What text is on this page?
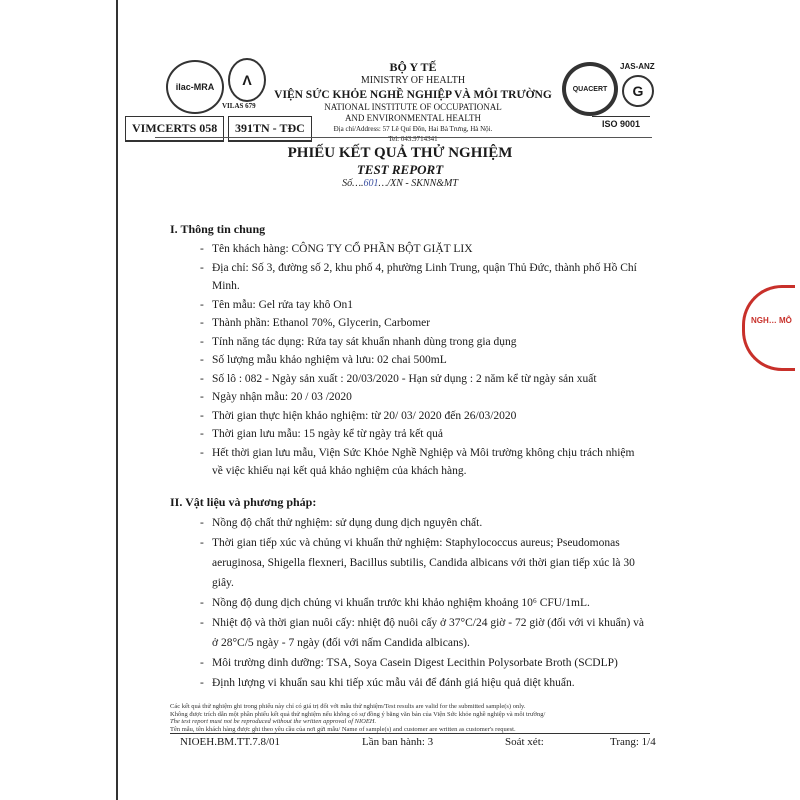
ilac-MRA	Λ
VILAS 679
VIMCERTS 058	391TN - TĐC
BỘ Y TẾ
MINISTRY OF HEALTH
VIỆN SỨC KHỎE NGHỀ NGHIỆP VÀ MÔI TRƯỜNG
NATIONAL INSTITUTE OF OCCUPATIONAL
AND ENVIRONMENTAL HEALTH
Địa chỉ/Address: 57 Lê Quí Đôn, Hai Bà Trưng, Hà Nội.
Tel: 043.9714341
QUACERT
JAS-ANZ
G
ISO 9001
PHIẾU KẾT QUẢ THỬ NGHIỆM
TEST REPORT
Số….601…/XN - SKNN&MT
I. Thông tin chung
- Tên khách hàng: CÔNG TY CỔ PHẦN BỘT GIẶT LIX
- Địa chỉ: Số 3, đường số 2, khu phố 4, phường Linh Trung, quận Thủ Đức, thành phố Hồ Chí
Minh.
- Tên mẫu: Gel rửa tay khô On1
- Thành phần: Ethanol 70%, Glycerin, Carbomer
- Tính năng tác dụng: Rửa tay sát khuẩn nhanh dùng trong gia dụng
- Số lượng mẫu khảo nghiệm và lưu: 02 chai 500mL
- Số lô : 082 - Ngày sản xuất : 20/03/2020 - Hạn sử dụng : 2 năm kể từ ngày sản xuất
- Ngày nhận mẫu: 20 / 03 /2020
- Thời gian thực hiện khảo nghiệm: từ 20/ 03/ 2020 đến 26/03/2020
- Thời gian lưu mẫu: 15 ngày kể từ ngày trả kết quả
- Hết thời gian lưu mẫu, Viện Sức Khỏe Nghề Nghiệp và Môi trường không chịu trách nhiệm
về việc khiếu nại kết quả khảo nghiệm của khách hàng.
II. Vật liệu và phương pháp:
- Nồng độ chất thử nghiệm: sử dụng dung dịch nguyên chất.
- Thời gian tiếp xúc và chủng vi khuẩn thử nghiệm: Staphylococcus aureus; Pseudomonas
aeruginosa, Shigella flexneri, Bacillus subtilis, Candida albicans với thời gian tiếp xúc là 30
giây.
- Nồng độ dung dịch chủng vi khuẩn trước khi khảo nghiệm khoảng 10⁶ CFU/1mL.
- Nhiệt độ và thời gian nuôi cấy: nhiệt độ nuôi cấy ở 37°C/24 giờ - 72 giờ (đối với vi khuẩn) và
ở 28°C/5 ngày - 7 ngày (đối với nấm Candida albicans).
- Môi trường dinh dưỡng: TSA, Soya Casein Digest Lecithin Polysorbate Broth (SCDLP)
- Định lượng vi khuẩn sau khi tiếp xúc mẫu vải để đánh giá hiệu quả diệt khuẩn.
Các kết quả thử nghiệm ghi trong phiếu này chỉ có giá trị đối với mẫu thử nghiệm/Test results are valid for the submitted sample(s) only.
Không được trích dẫn một phần phiếu kết quả thử nghiệm nếu không có sự đồng ý bằng văn bản của Viện Sức khỏe nghề nghiệp và môi trường/
The test report must not be reproduced without the written approval of NIOEH.
Tên mẫu, tên khách hàng được ghi theo yêu cầu của nơi gửi mẫu/ Name of sample(s) and customer are written as customer's request.
NIOEH.BM.TT.7.8/01	Lần ban hành: 3	Soát xét:	Trang: 1/4
NGH… MÔ
